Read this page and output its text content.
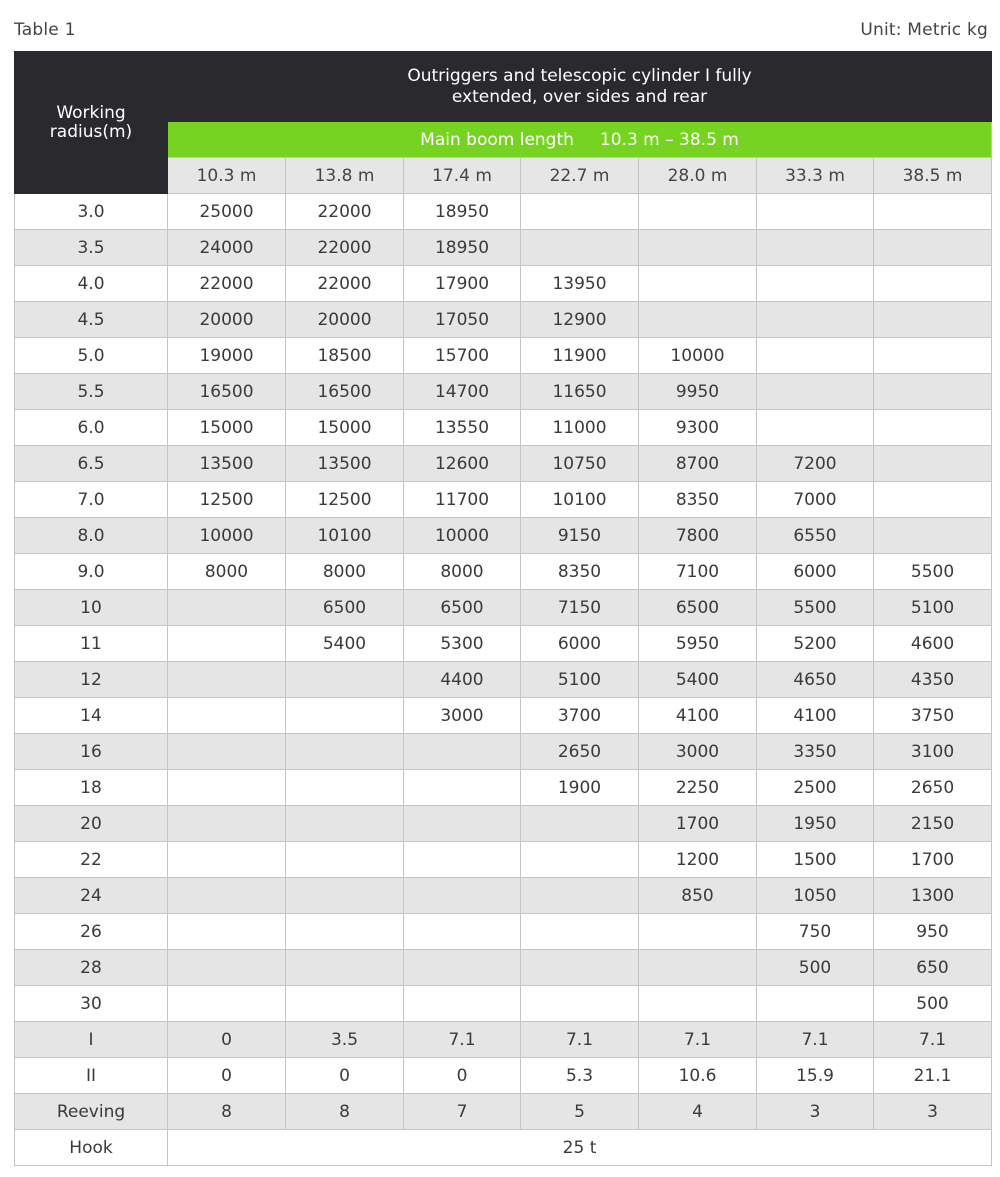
Table 1	Unit: Metric kg
Working
radius(m)	Outriggers and telescopic cylinder I fully
extended, over sides and rear						
	Main boom length 10.3 m – 38.5 m						
	10.3 m	13.8 m	17.4 m	22.7 m	28.0 m	33.3 m	38.5 m
3.0	25000	22000	18950				
3.5	24000	22000	18950				
4.0	22000	22000	17900	13950			
4.5	20000	20000	17050	12900			
5.0	19000	18500	15700	11900	10000		
5.5	16500	16500	14700	11650	9950		
6.0	15000	15000	13550	11000	9300		
6.5	13500	13500	12600	10750	8700	7200	
7.0	12500	12500	11700	10100	8350	7000	
8.0	10000	10100	10000	9150	7800	6550	
9.0	8000	8000	8000	8350	7100	6000	5500
10		6500	6500	7150	6500	5500	5100
11		5400	5300	6000	5950	5200	4600
12			4400	5100	5400	4650	4350
14			3000	3700	4100	4100	3750
16				2650	3000	3350	3100
18				1900	2250	2500	2650
20					1700	1950	2150
22					1200	1500	1700
24					850	1050	1300
26						750	950
28						500	650
30							500
I	0	3.5	7.1	7.1	7.1	7.1	7.1
II	0	0	0	5.3	10.6	15.9	21.1
Reeving	8	8	7	5	4	3	3
Hook	25 t						
